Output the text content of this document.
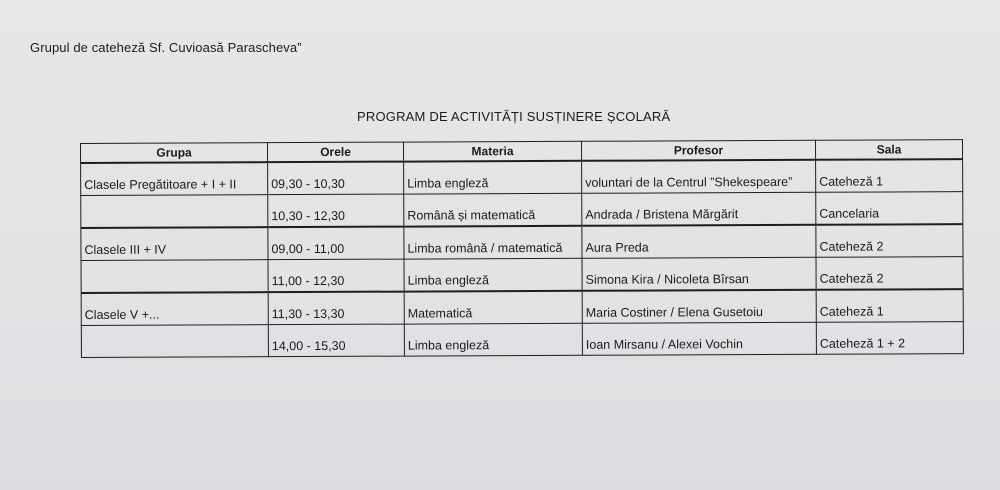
Grupul de cateheză Sf. Cuvioasă Parascheva”
PROGRAM DE ACTIVITĂȚI SUSȚINERE ȘCOLARĂ
Grupa	Orele	Materia	Profesor	Sala
Clasele Pregătitoare + I + II	09,30 - 10,30	Limba engleză	voluntari de la Centrul ”Shekespeare”	Cateheză 1
	10,30 - 12,30	Română și matematică	Andrada / Bristena Mărgărit	Cancelaria
Clasele III + IV	09,00 - 11,00	Limba română / matematică	Aura Preda	Cateheză 2
	11,00 - 12,30	Limba engleză	Simona Kira / Nicoleta Bîrsan	Cateheză 2
Clasele V +...	11,30 - 13,30	Matematică	Maria Costiner / Elena Gusetoiu	Cateheză 1
	14,00 - 15,30	Limba engleză	Ioan Mirsanu / Alexei Vochin	Cateheză 1 + 2
